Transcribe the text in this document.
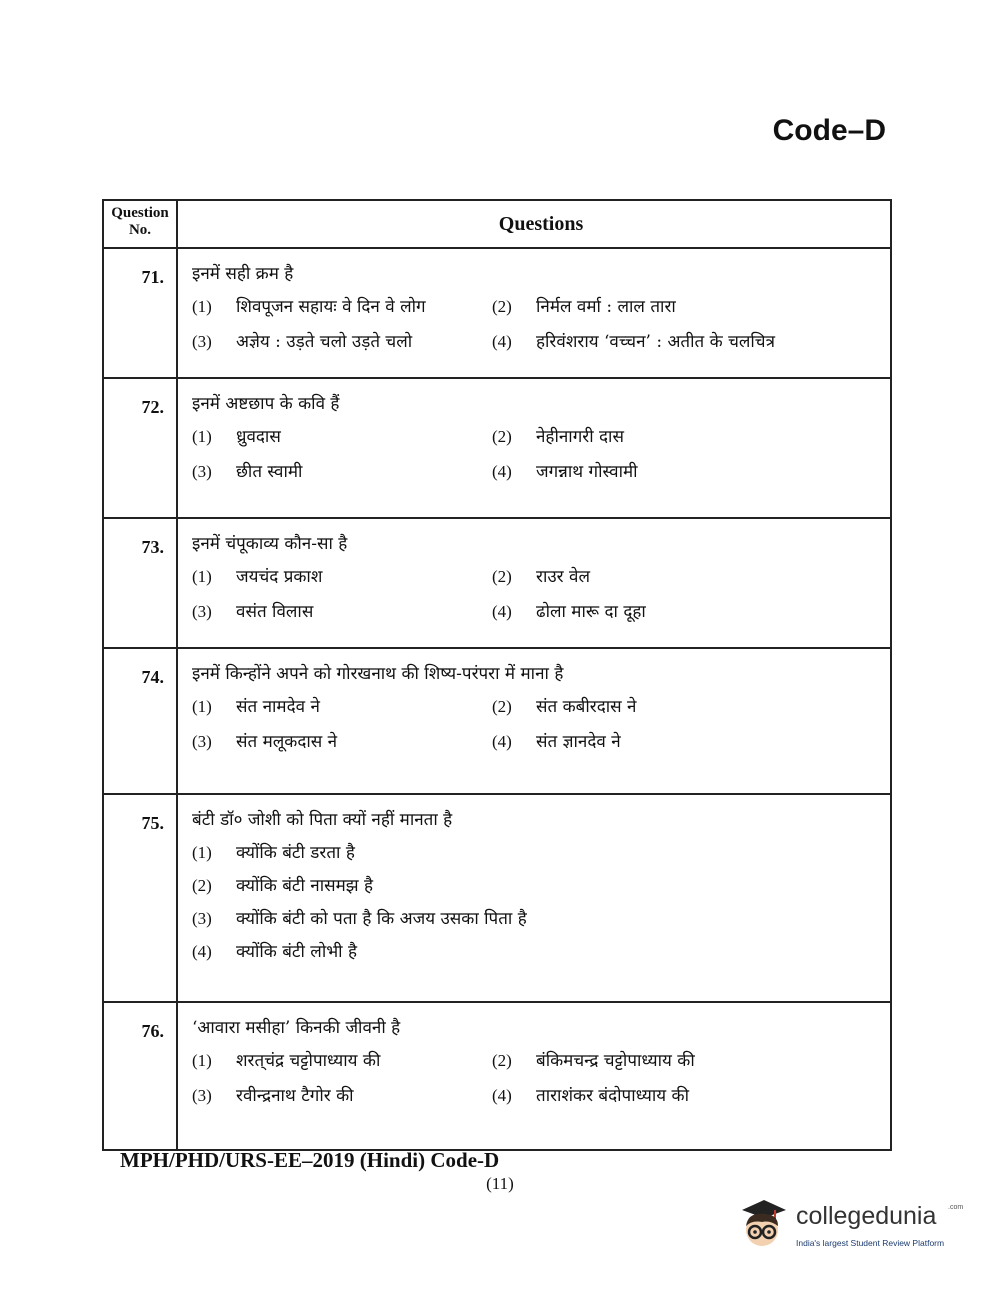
Code–D
Question No.	Questions
71.	इनमें सही क्रम है
(1) शिवपूजन सहायः वे दिन वे लोग	(2) निर्मल वर्मा : लाल तारा
(3) अज्ञेय : उड़ते चलो उड़ते चलो	(4) हरिवंशराय ‘वच्चन’ : अतीत के चलचित्र
72.	इनमें अष्टछाप के कवि हैं
(1) ध्रुवदास	(2) नेहीनागरी दास
(3) छीत स्वामी	(4) जगन्नाथ गोस्वामी
73.	इनमें चंपूकाव्य कौन-सा है
(1) जयचंद प्रकाश	(2) राउर वेल
(3) वसंत विलास	(4) ढोला मारू दा दूहा
74.	इनमें किन्होंने अपने को गोरखनाथ की शिष्य-परंपरा में माना है
(1) संत नामदेव ने	(2) संत कबीरदास ने
(3) संत मलूकदास ने	(4) संत ज्ञानदेव ने
75.	बंटी डॉ० जोशी को पिता क्यों नहीं मानता है
(1) क्योंकि बंटी डरता है
(2) क्योंकि बंटी नासमझ है
(3) क्योंकि बंटी को पता है कि अजय उसका पिता है
(4) क्योंकि बंटी लोभी है
76.	‘आवारा मसीहा’ किनकी जीवनी है
(1) शरत्‌चंद्र चट्टोपाध्याय की	(2) बंकिमचन्द्र चट्टोपाध्याय की
(3) रवीन्द्रनाथ टैगोर की	(4) ताराशंकर बंदोपाध्याय की
MPH/PHD/URS-EE–2019 (Hindi) Code-D
(11)
collegedunia .com
India's largest Student Review Platform
